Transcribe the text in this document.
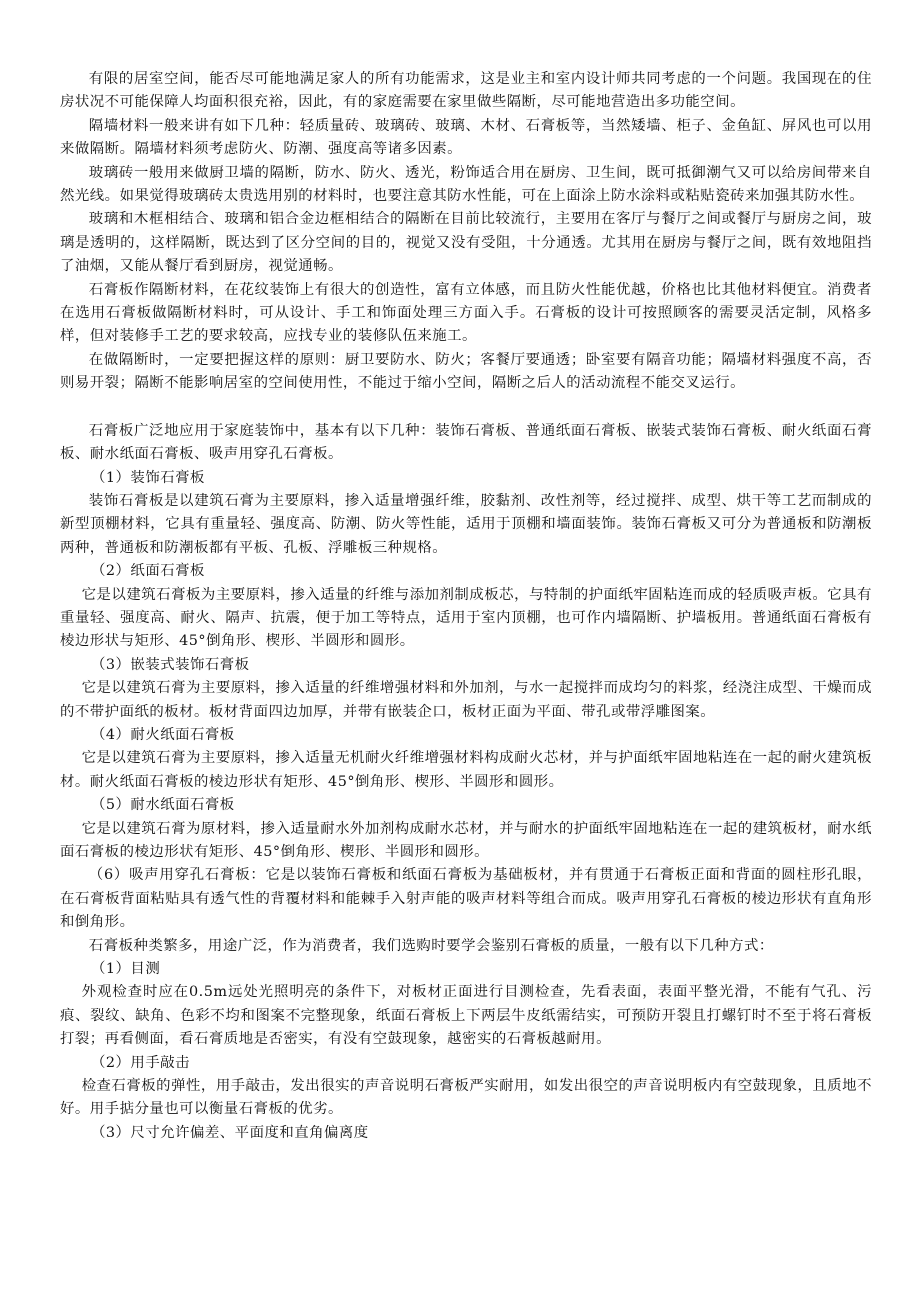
有限的居室空间，能否尽可能地满足家人的所有功能需求，这是业主和室内设计师共同考虑的一个问题。我国现在的住房状况不可能保障人均面积很充裕，因此，有的家庭需要在家里做些隔断，尽可能地营造出多功能空间。

隔墙材料一般来讲有如下几种：轻质量砖、玻璃砖、玻璃、木材、石膏板等，当然矮墙、柜子、金鱼缸、屏风也可以用来做隔断。隔墙材料须考虑防火、防潮、强度高等诸多因素。

玻璃砖一般用来做厨卫墙的隔断，防水、防火、透光，粉饰适合用在厨房、卫生间，既可抵御潮气又可以给房间带来自然光线。如果觉得玻璃砖太贵选用别的材料时，也要注意其防水性能，可在上面涂上防水涂料或粘贴瓷砖来加强其防水性。

玻璃和木框相结合、玻璃和铝合金边框相结合的隔断在目前比较流行，主要用在客厅与餐厅之间或餐厅与厨房之间，玻璃是透明的，这样隔断，既达到了区分空间的目的，视觉又没有受阻，十分通透。尤其用在厨房与餐厅之间，既有效地阻挡了油烟，又能从餐厅看到厨房，视觉通畅。

石膏板作隔断材料，在花纹装饰上有很大的创造性，富有立体感，而且防火性能优越，价格也比其他材料便宜。消费者在选用石膏板做隔断材料时，可从设计、手工和饰面处理三方面入手。石膏板的设计可按照顾客的需要灵活定制，风格多样，但对装修手工艺的要求较高，应找专业的装修队伍来施工。

在做隔断时，一定要把握这样的原则：厨卫要防水、防火；客餐厅要通透；卧室要有隔音功能；隔墙材料强度不高，否则易开裂；隔断不能影响居室的空间使用性，不能过于缩小空间，隔断之后人的活动流程不能交叉运行。

石膏板广泛地应用于家庭装饰中，基本有以下几种：装饰石膏板、普通纸面石膏板、嵌装式装饰石膏板、耐火纸面石膏板、耐水纸面石膏板、吸声用穿孔石膏板。

（1）装饰石膏板

装饰石膏板是以建筑石膏为主要原料，掺入适量增强纤维，胶黏剂、改性剂等，经过搅拌、成型、烘干等工艺而制成的新型顶棚材料，它具有重量轻、强度高、防潮、防火等性能，适用于顶棚和墙面装饰。装饰石膏板又可分为普通板和防潮板两种，普通板和防潮板都有平板、孔板、浮雕板三种规格。

（2）纸面石膏板

它是以建筑石膏板为主要原料，掺入适量的纤维与添加剂制成板芯，与特制的护面纸牢固粘连而成的轻质吸声板。它具有重量轻、强度高、耐火、隔声、抗震，便于加工等特点，适用于室内顶棚，也可作内墙隔断、护墙板用。普通纸面石膏板有棱边形状与矩形、45°倒角形、楔形、半圆形和圆形。

（3）嵌装式装饰石膏板

它是以建筑石膏为主要原料，掺入适量的纤维增强材料和外加剂，与水一起搅拌而成均匀的料浆，经浇注成型、干燥而成的不带护面纸的板材。板材背面四边加厚，并带有嵌装企口，板材正面为平面、带孔或带浮雕图案。

（4）耐火纸面石膏板

它是以建筑石膏为主要原料，掺入适量无机耐火纤维增强材料构成耐火芯材，并与护面纸牢固地粘连在一起的耐火建筑板材。耐火纸面石膏板的棱边形状有矩形、45°倒角形、楔形、半圆形和圆形。

（5）耐水纸面石膏板

它是以建筑石膏为原材料，掺入适量耐水外加剂构成耐水芯材，并与耐水的护面纸牢固地粘连在一起的建筑板材，耐水纸面石膏板的棱边形状有矩形、45°倒角形、楔形、半圆形和圆形。

（6）吸声用穿孔石膏板：它是以装饰石膏板和纸面石膏板为基础板材，并有贯通于石膏板正面和背面的圆柱形孔眼，在石膏板背面粘贴具有透气性的背覆材料和能棘手入射声能的吸声材料等组合而成。吸声用穿孔石膏板的棱边形状有直角形和倒角形。

石膏板种类繁多，用途广泛，作为消费者，我们选购时要学会鉴别石膏板的质量，一般有以下几种方式：

（1）目测

外观检查时应在0.5m远处光照明亮的条件下，对板材正面进行目测检查，先看表面，表面平整光滑，不能有气孔、污痕、裂纹、缺角、色彩不均和图案不完整现象，纸面石膏板上下两层牛皮纸需结实，可预防开裂且打螺钉时不至于将石膏板打裂；再看侧面，看石膏质地是否密实，有没有空鼓现象，越密实的石膏板越耐用。

（2）用手敲击

检查石膏板的弹性，用手敲击，发出很实的声音说明石膏板严实耐用，如发出很空的声音说明板内有空鼓现象，且质地不好。用手掂分量也可以衡量石膏板的优劣。

（3）尺寸允许偏差、平面度和直角偏离度
